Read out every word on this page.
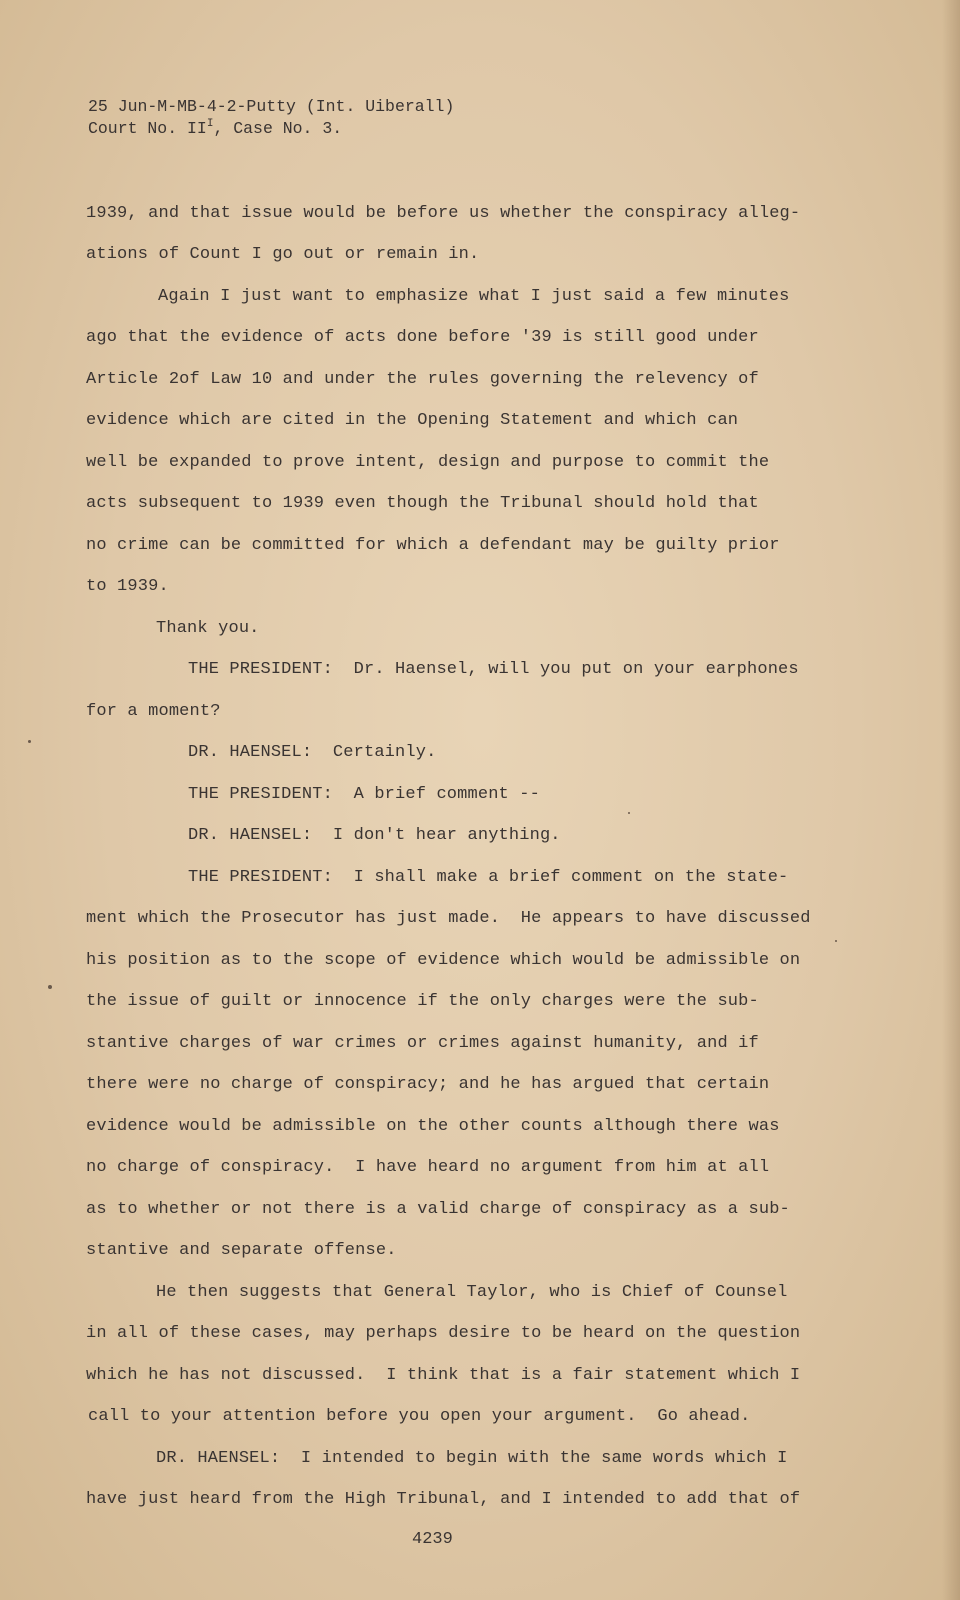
25 Jun-M-MB-4-2-Putty (Int. Uiberall)
Court No. $II^I$, Case No. 3.
1939, and that issue would be before us whether the conspiracy alleg-
ations of Count I go out or remain in.
Again I just want to emphasize what I just said a few minutes
ago that the evidence of acts done before '39 is still good under
Article 2of Law 10 and under the rules governing the relevency of
evidence which are cited in the Opening Statement and which can
well be expanded to prove intent, design and purpose to commit the
acts subsequent to 1939 even though the Tribunal should hold that
no crime can be committed for which a defendant may be guilty prior
to 1939.
Thank you.
THE PRESIDENT:  Dr. Haensel, will you put on your earphones
for a moment?
DR. HAENSEL:  Certainly.
THE PRESIDENT:  A brief comment --
DR. HAENSEL:  I don't hear anything.
THE PRESIDENT:  I shall make a brief comment on the state-
ment which the Prosecutor has just made.  He appears to have discussed
his position as to the scope of evidence which would be admissible on
the issue of guilt or innocence if the only charges were the sub-
stantive charges of war crimes or crimes against humanity, and if
there were no charge of conspiracy; and he has argued that certain
evidence would be admissible on the other counts although there was
no charge of conspiracy.  I have heard no argument from him at all
as to whether or not there is a valid charge of conspiracy as a sub-
stantive and separate offense.
He then suggests that General Taylor, who is Chief of Counsel
in all of these cases, may perhaps desire to be heard on the question
which he has not discussed.  I think that is a fair statement which I
call to your attention before you open your argument.  Go ahead.
DR. HAENSEL:  I intended to begin with the same words which I
have just heard from the High Tribunal, and I intended to add that of
4239
